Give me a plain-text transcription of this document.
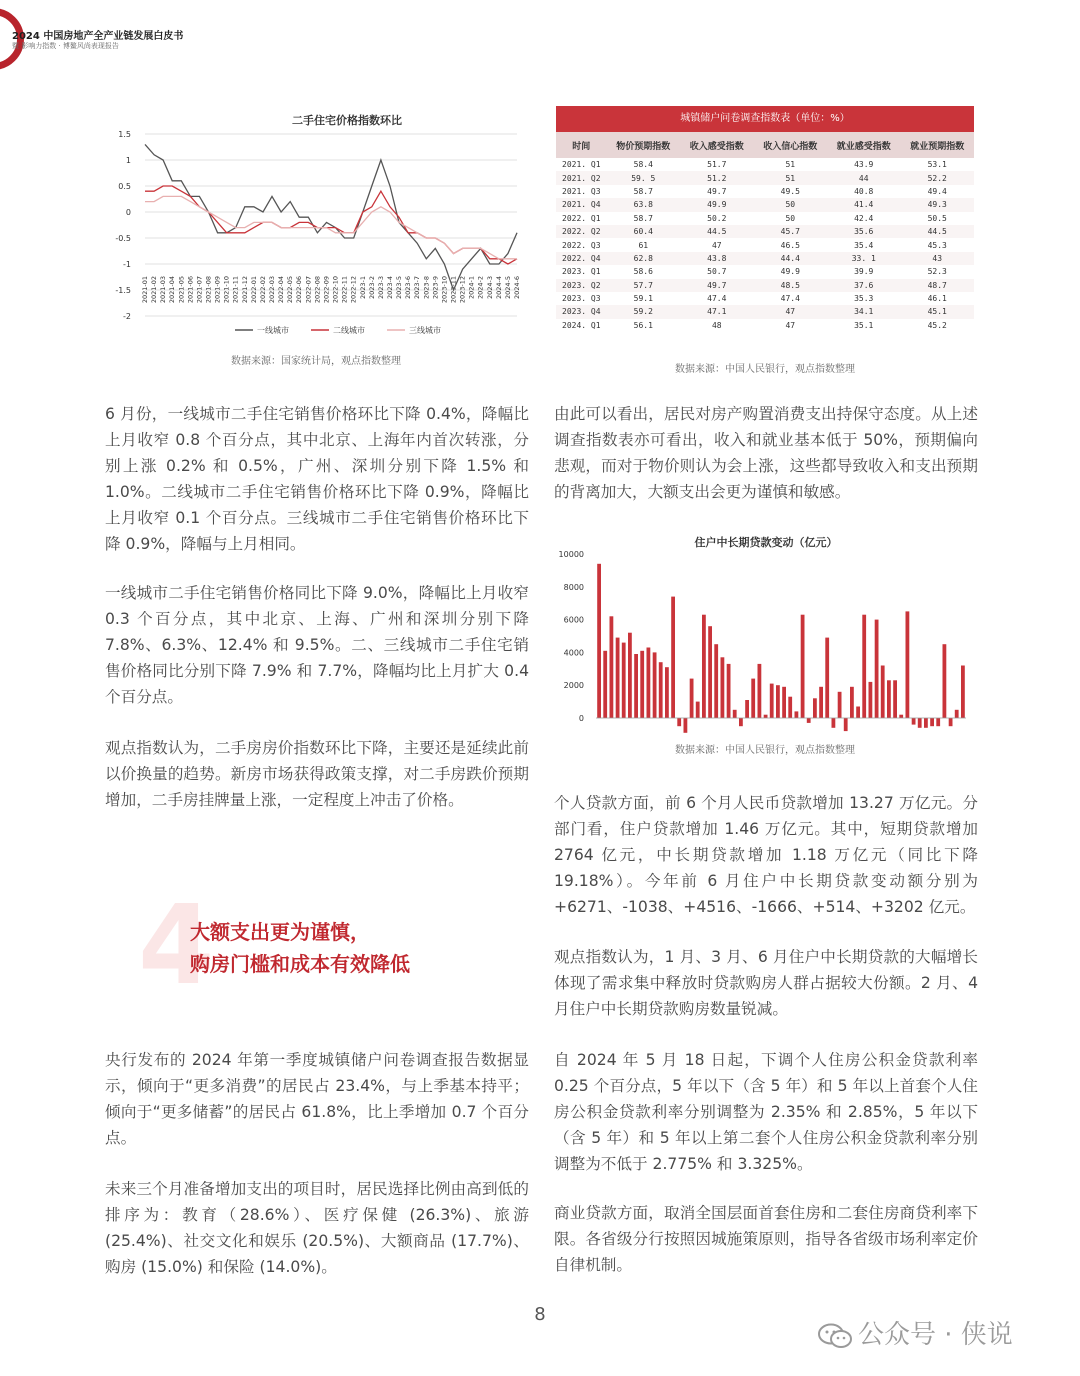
2024 中国房地产全产业链发展白皮书
暨 影响力指数 · 博鳌风尚表现报告
二手住宅价格指数环比
1.5
1
0.5
0
-0.5
-1
-1.5
-2
2021-01 2021-02 2021-03 2021-04 2021-05 2021-06 2021-07 2021-08 2021-09 2021-10 2021-11 2021-12 2022-01 2022-02 2022-03 2022-04 2022-05 2022-06 2022-07 2022-08 2022-09 2022-10 2022-11 2022-12 2023-1 2023-2 2023-3 2023-4 2023-5 2023-6 2023-7 2023-8 2023-9 2023-10 2023-11 2023-12 2024-1 2024-2 2024-3 2024-4 2024-5 2024-6
一线城市	二线城市	三线城市
数据来源：国家统计局，观点指数整理
城镇储户问卷调查指数表（单位：%）
时间	物价预期指数	收入感受指数	收入信心指数	就业感受指数	就业预期指数
2021. Q1	58.4	51.7	51	43.9	53.1
2021. Q2	59. 5	51.2	51	44	52.2
2021. Q3	58.7	49.7	49.5	40.8	49.4
2021. Q4	63.8	49.9	50	41.4	49.3
2022. Q1	58.7	50.2	50	42.4	50.5
2022. Q2	60.4	44.5	45.7	35.6	44.5
2022. Q3	61	47	46.5	35.4	45.3
2022. Q4	62.8	43.8	44.4	33. 1	43
2023. Q1	58.6	50.7	49.9	39.9	52.3
2023. Q2	57.7	49.7	48.5	37.6	48.7
2023. Q3	59.1	47.4	47.4	35.3	46.1
2023. Q4	59.2	47.1	47	34.1	45.1
2024. Q1	56.1	48	47	35.1	45.2
数据来源：中国人民银行，观点指数整理
住户中长期贷款变动（亿元）
10000
8000
6000
4000
2000
0
数据来源：中国人民银行，观点指数整理
6 月份，一线城市二手住宅销售价格环比下降 0.4%，降幅比上月收窄 0.8 个百分点，其中北京、上海年内首次转涨，分别上涨 0.2% 和 0.5%，广州、深圳分别下降 1.5% 和 1.0%。二线城市二手住宅销售价格环比下降 0.9%，降幅比上月收窄 0.1 个百分点。三线城市二手住宅销售价格环比下降 0.9%，降幅与上月相同。
一线城市二手住宅销售价格同比下降 9.0%，降幅比上月收窄 0.3 个百分点，其中北京、上海、广州和深圳分别下降 7.8%、6.3%、12.4% 和 9.5%。二、三线城市二手住宅销售价格同比分别下降 7.9% 和 7.7%，降幅均比上月扩大 0.4 个百分点。
观点指数认为，二手房房价指数环比下降，主要还是延续此前以价换量的趋势。新房市场获得政策支撑，对二手房跌价预期增加，二手房挂牌量上涨，一定程度上冲击了价格。
4
大额支出更为谨慎，
购房门槛和成本有效降低
央行发布的 2024 年第一季度城镇储户问卷调查报告数据显示，倾向于“更多消费”的居民占 23.4%，与上季基本持平；倾向于“更多储蓄”的居民占 61.8%，比上季增加 0.7 个百分点。
未来三个月准备增加支出的项目时，居民选择比例由高到低的排序为：教育（28.6%）、医疗保健 (26.3%)、旅游 (25.4%)、社交文化和娱乐 (20.5%)、大额商品 (17.7%)、购房 (15.0%) 和保险 (14.0%)。
由此可以看出，居民对房产购置消费支出持保守态度。从上述调查指数表亦可看出，收入和就业基本低于 50%，预期偏向悲观，而对于物价则认为会上涨，这些都导致收入和支出预期的背离加大，大额支出会更为谨慎和敏感。
个人贷款方面，前 6 个月人民币贷款增加 13.27 万亿元。分部门看，住户贷款增加 1.46 万亿元。其中，短期贷款增加 2764 亿元，中长期贷款增加 1.18 万亿元（同比下降 19.18%）。今年前 6 月住户中长期贷款变动额分别为 +6271、-1038、+4516、-1666、+514、+3202 亿元。
观点指数认为，1 月、3 月、6 月住户中长期贷款的大幅增长体现了需求集中释放时贷款购房人群占据较大份额。2 月、4 月住户中长期贷款购房数量锐减。
自 2024 年 5 月 18 日起，下调个人住房公积金贷款利率 0.25 个百分点，5 年以下（含 5 年）和 5 年以上首套个人住房公积金贷款利率分别调整为 2.35% 和 2.85%，5 年以下（含 5 年）和 5 年以上第二套个人住房公积金贷款利率分别调整为不低于 2.775% 和 3.325%。
商业贷款方面，取消全国层面首套住房和二套住房商贷利率下限。各省级分行按照因城施策原则，指导各省级市场利率定价自律机制。
8
公众号 · 侠说
